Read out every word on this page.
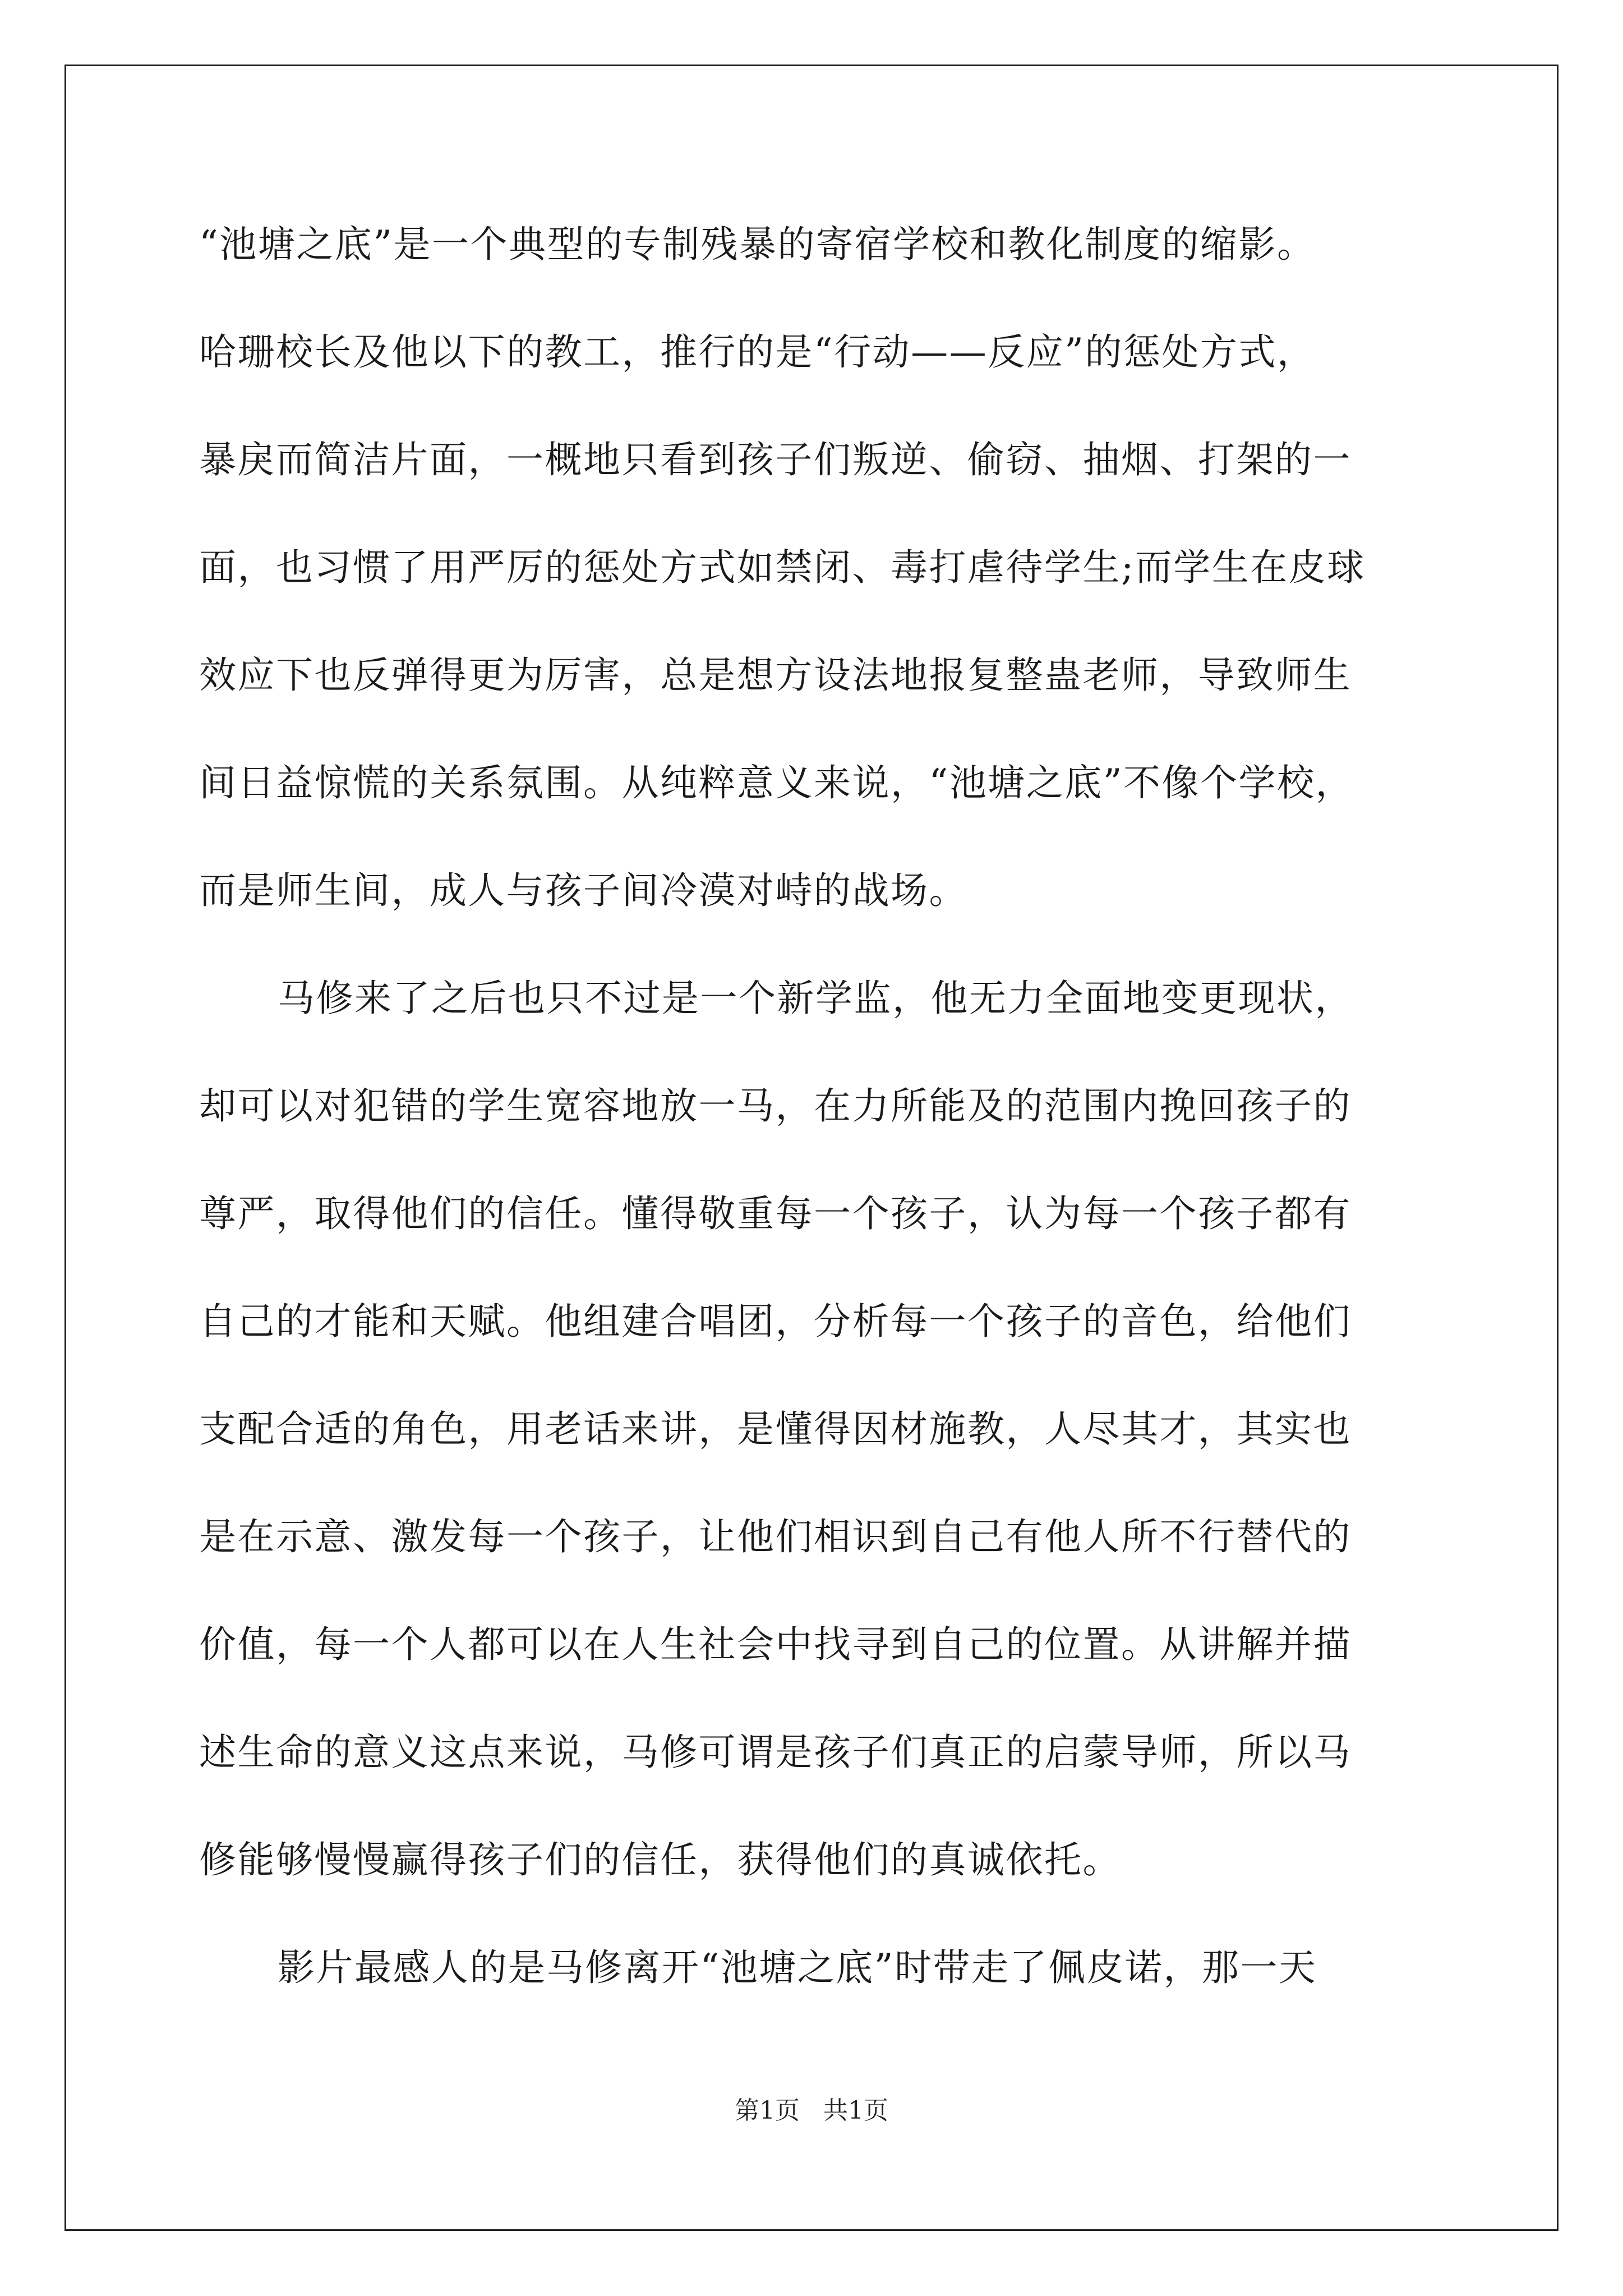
“池塘之底”是一个典型的专制残暴的寄宿学校和教化制度的缩影。
哈珊校长及他以下的教工，推行的是“行动——反应”的惩处方式，
暴戾而简洁片面，一概地只看到孩子们叛逆、偷窃、抽烟、打架的一
面，也习惯了用严厉的惩处方式如禁闭、毒打虐待学生;而学生在皮球
效应下也反弹得更为厉害，总是想方设法地报复整蛊老师，导致师生
间日益惊慌的关系氛围。从纯粹意义来说，“池塘之底”不像个学校，
而是师生间，成人与孩子间冷漠对峙的战场。
马修来了之后也只不过是一个新学监，他无力全面地变更现状，
却可以对犯错的学生宽容地放一马，在力所能及的范围内挽回孩子的
尊严，取得他们的信任。懂得敬重每一个孩子，认为每一个孩子都有
自己的才能和天赋。他组建合唱团，分析每一个孩子的音色，给他们
支配合适的角色，用老话来讲，是懂得因材施教，人尽其才，其实也
是在示意、激发每一个孩子，让他们相识到自己有他人所不行替代的
价值，每一个人都可以在人生社会中找寻到自己的位置。从讲解并描
述生命的意义这点来说，马修可谓是孩子们真正的启蒙导师，所以马
修能够慢慢赢得孩子们的信任，获得他们的真诚依托。
影片最感人的是马修离开“池塘之底”时带走了佩皮诺，那一天
第1页 共1页
